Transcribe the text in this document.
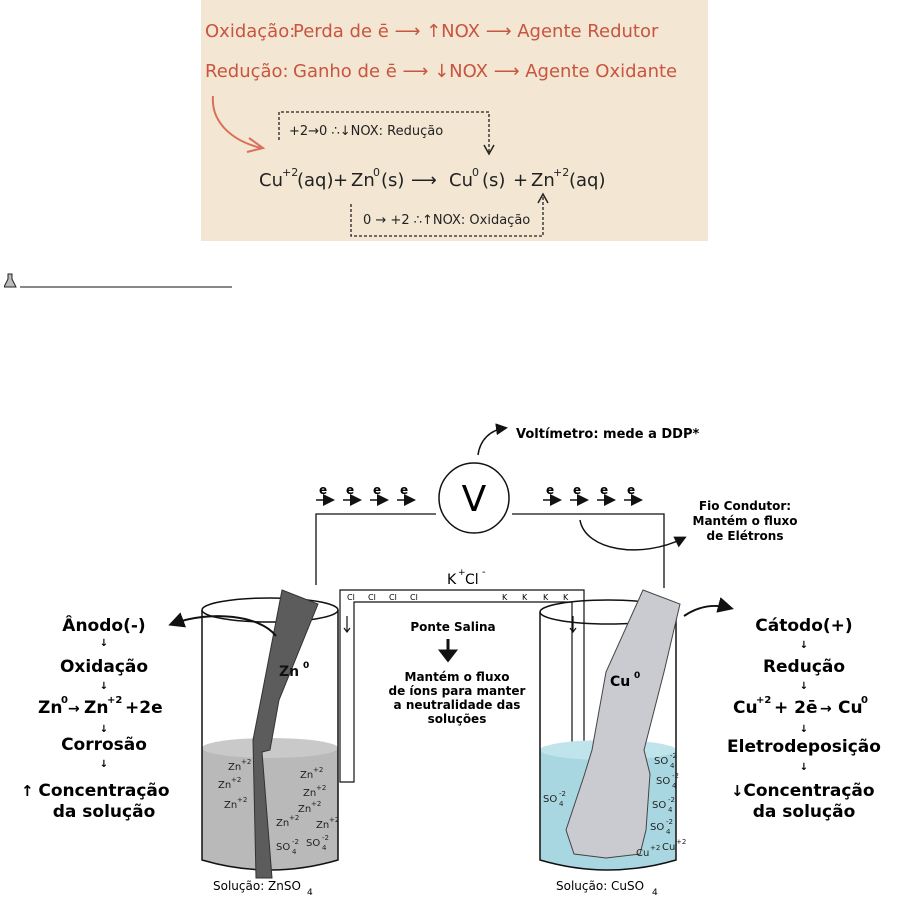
Oxidação:
Perda de ē ⟶ ↑NOX ⟶ Agente Redutor
Redução: Ganho de ē ⟶ ↓NOX ⟶ Agente Oxidante
+2→0 ∴↓NOX: Redução
Cu +2
(aq) + Zn
0 (s) ⟶ Cu 0 (s) + Zn
+2 (aq)
0 → +2 ∴↑NOX: Oxidação
Voltímetro: mede a DDP*
V
e e e e	e e e e
Fio Condutor:
Mantém o fluxo
de Elétrons
K + Cl -
Cl Cl Cl Cl	K K K K
Ponte Salina
Mantém o fluxo
de íons para manter
a neutralidade das
soluções
Zn 0
Zn +2
Zn +2
Zn +2
Zn +2
Zn +2
Zn +2
Zn +2
Zn +2
SO 4
-2 SO 4
-2
Solução: ZnSO 4
Cu 0
SO 4
-2
SO 4
-2
SO 4
-2
SO 4
-2
SO 4
-2
Cu +2 Cu +2
Solução: CuSO 4
Ânodo(-)
↓
Oxidação
↓
Corrosão
↓
Concentração
da solução
↓
↑
Zn
0
→ Zn
+2 +2e
Cátodo(+)
↓
Redução
↓
↓
Eletrodeposição
↓
Concentração
da solução
↓
Cu
+2 + 2ē → Cu
0
